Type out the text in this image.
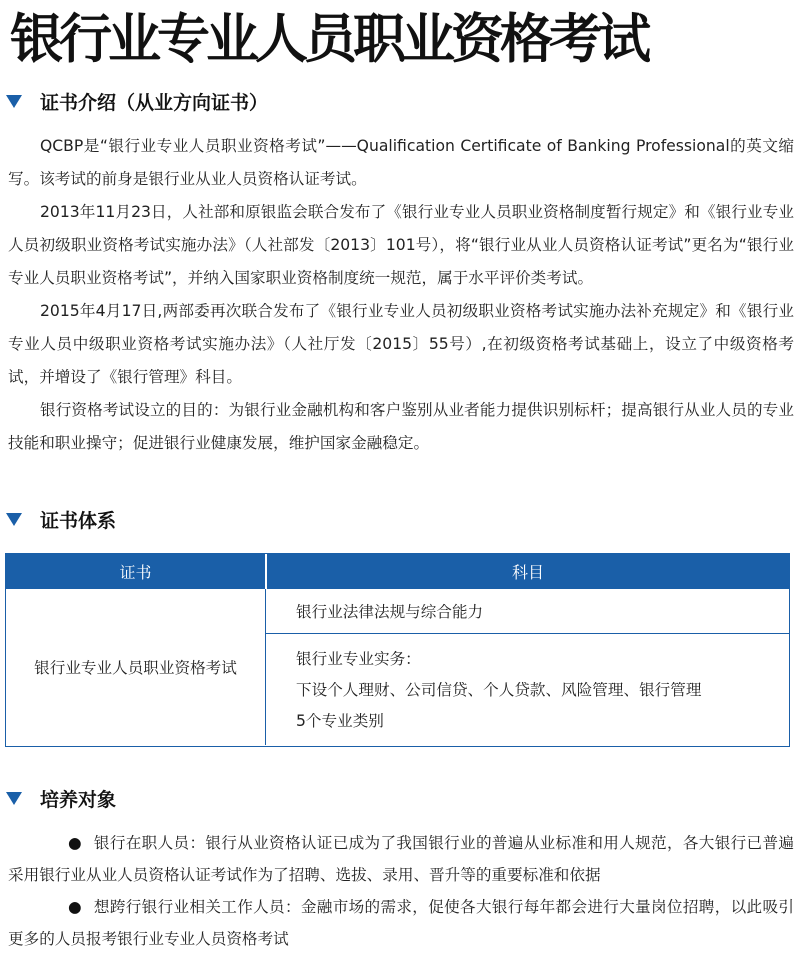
银行业专业人员职业资格考试
证书介绍（从业方向证书）

QCBP是“银行业专业人员职业资格考试”——Qualification Certificate of Banking Professional的英文缩写。该考试的前身是银行业从业人员资格认证考试。

2013年11月23日，人社部和原银监会联合发布了《银行业专业人员职业资格制度暂行规定》和《银行业专业人员初级职业资格考试实施办法》（人社部发〔2013〕101号），将“银行业从业人员资格认证考试”更名为“银行业专业人员职业资格考试”，并纳入国家职业资格制度统一规范，属于水平评价类考试。

2015年4月17日,两部委再次联合发布了《银行业专业人员初级职业资格考试实施办法补充规定》和《银行业专业人员中级职业资格考试实施办法》（人社厅发〔2015〕55号）,在初级资格考试基础上，设立了中级资格考试，并增设了《银行管理》科目。

银行资格考试设立的目的：为银行业金融机构和客户鉴别从业者能力提供识别标杆；提高银行从业人员的专业技能和职业操守；促进银行业健康发展，维护国家金融稳定。

证书体系
证书	科目
银行业专业人员职业资格考试
银行业法律法规与综合能力
银行业专业实务：
下设个人理财、公司信贷、个人贷款、风险管理、银行管理
5个专业类别
培养对象

● 银行在职人员：银行从业资格认证已成为了我国银行业的普遍从业标准和用人规范，各大银行已普遍采用银行业从业人员资格认证考试作为了招聘、选拔、录用、晋升等的重要标准和依据

● 想跨行银行业相关工作人员：金融市场的需求，促使各大银行每年都会进行大量岗位招聘，以此吸引更多的人员报考银行业专业人员资格考试
